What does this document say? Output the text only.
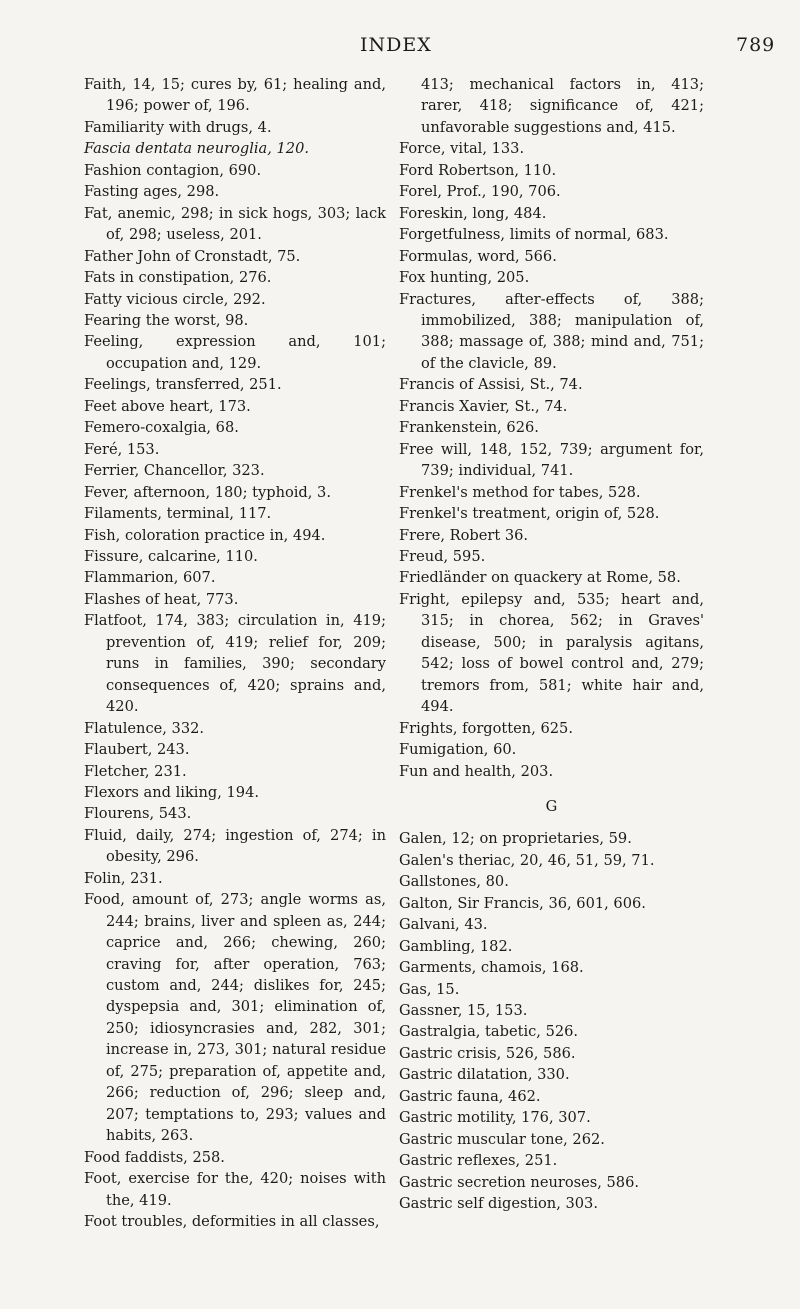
INDEX	789
Faith, 14, 15; cures by, 61; healing and, 196; power of, 196.
Familiarity with drugs, 4.
Fascia dentata neuroglia, 120.
Fashion contagion, 690.
Fasting ages, 298.
Fat, anemic, 298; in sick hogs, 303; lack of, 298; useless, 201.
Father John of Cronstadt, 75.
Fats in constipation, 276.
Fatty vicious circle, 292.
Fearing the worst, 98.
Feeling, expression and, 101; occupation and, 129.
Feelings, transferred, 251.
Feet above heart, 173.
Femero-coxalgia, 68.
Feré, 153.
Ferrier, Chancellor, 323.
Fever, afternoon, 180; typhoid, 3.
Filaments, terminal, 117.
Fish, coloration practice in, 494.
Fissure, calcarine, 110.
Flammarion, 607.
Flashes of heat, 773.
Flatfoot, 174, 383; circulation in, 419; prevention of, 419; relief for, 209; runs in families, 390; secondary consequences of, 420; sprains and, 420.
Flatulence, 332.
Flaubert, 243.
Fletcher, 231.
Flexors and liking, 194.
Flourens, 543.
Fluid, daily, 274; ingestion of, 274; in obesity, 296.
Folin, 231.
Food, amount of, 273; angle worms as, 244; brains, liver and spleen as, 244; caprice and, 266; chewing, 260; craving for, after operation, 763; custom and, 244; dislikes for, 245; dyspepsia and, 301; elimination of, 250; idiosyncrasies and, 282, 301; increase in, 273, 301; natural residue of, 275; preparation of, appetite and, 266; reduction of, 296; sleep and, 207; temptations to, 293; values and habits, 263.
Food faddists, 258.
Foot, exercise for the, 420; noises with the, 419.
Foot troubles, deformities in all classes,
413; mechanical factors in, 413; rarer, 418; significance of, 421; unfavorable suggestions and, 415.
Force, vital, 133.
Ford Robertson, 110.
Forel, Prof., 190, 706.
Foreskin, long, 484.
Forgetfulness, limits of normal, 683.
Formulas, word, 566.
Fox hunting, 205.
Fractures, after-effects of, 388; immobilized, 388; manipulation of, 388; massage of, 388; mind and, 751; of the clavicle, 89.
Francis of Assisi, St., 74.
Francis Xavier, St., 74.
Frankenstein, 626.
Free will, 148, 152, 739; argument for, 739; individual, 741.
Frenkel's method for tabes, 528.
Frenkel's treatment, origin of, 528.
Frere, Robert 36.
Freud, 595.
Friedländer on quackery at Rome, 58.
Fright, epilepsy and, 535; heart and, 315; in chorea, 562; in Graves' disease, 500; in paralysis agitans, 542; loss of bowel control and, 279; tremors from, 581; white hair and, 494.
Frights, forgotten, 625.
Fumigation, 60.
Fun and health, 203.
G
Galen, 12; on proprietaries, 59.
Galen's theriac, 20, 46, 51, 59, 71.
Gallstones, 80.
Galton, Sir Francis, 36, 601, 606.
Galvani, 43.
Gambling, 182.
Garments, chamois, 168.
Gas, 15.
Gassner, 15, 153.
Gastralgia, tabetic, 526.
Gastric crisis, 526, 586.
Gastric dilatation, 330.
Gastric fauna, 462.
Gastric motility, 176, 307.
Gastric muscular tone, 262.
Gastric reflexes, 251.
Gastric secretion neuroses, 586.
Gastric self digestion, 303.
